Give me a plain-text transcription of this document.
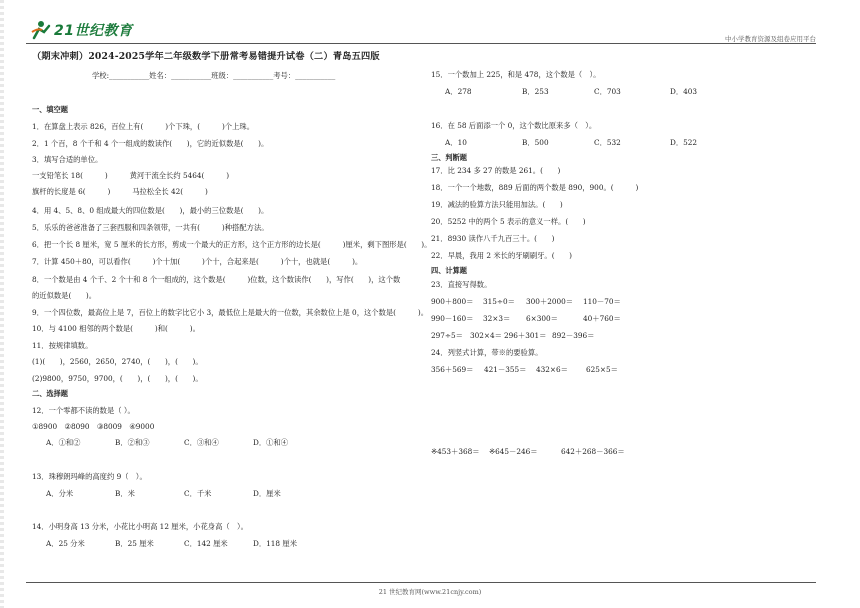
21世纪教育	中小学教育资源及组卷应用平台
（期末冲刺）2024-2025学年二年级数学下册常考易错提升试卷（二）青岛五四版
学校:___________姓名：___________班级：___________考号：___________
一、填空题
1．在算盘上表示 826，百位上有(　　　)个下珠，(　　　)个上珠。
2．1 个百，8 个千和 4 个一组成的数读作(　　)，它的近似数是(　　)。
3．填写合适的单位。
一支铅笔长 18(　　　)　　　黄河干流全长约 5464(　　　)
旗杆的长度是 6(　　　)　　　马拉松全长 42(　　　)
4．用 4、5、8、0 组成最大的四位数是(　　)，最小的三位数是(　　)。
5．乐乐的爸爸准备了三套西服和四条领带，一共有(　　　)种搭配方法。
6．把一个长 8 厘米，宽 5 厘米的长方形，剪成一个最大的正方形，这个正方形的边长是(　　　)厘米，剩下图形是(　　)。
7．计算 450＋80，可以看作(　　　)个十加(　　　)个十，合起来是(　　　)个十，也就是(　　　)。
8．一个数是由 4 个千、2 个十和 8 个一组成的，这个数是(　　　)位数，这个数读作(　　)，写作(　　)，这个数
的近似数是(　　)。
9．一个四位数，最高位上是 7，百位上的数字比它小 3，最低位上是最大的一位数，其余数位上是 0，这个数是(　　　)。
10．与 4100 相邻的两个数是(　　　)和(　　　)。
11．按规律填数。
(1)(　　)，2560，2650，2740，(　　)，(　　)。
(2)9800，9750，9700，(　　)，(　　)，(　　)。
二、选择题
12．一个零都不读的数是（ ）。
①8900　②8090　③8009　④9000
A．①和②	B．②和③	C．③和④	D．①和④
13．珠穆朗玛峰的高度约 9（　）。
A．分米	B．米	C．千米	D．厘米
14．小明身高 13 分米，小花比小明高 12 厘米，小花身高（　）。
A．25 分米	B．25 厘米	C．142 厘米	D．118 厘米
15．一个数加上 225，和是 478，这个数是（　）。
A．278	B．253	C．703	D．403
16．在 58 后面添一个 0，这个数比原来多（　）。
A．10	B．500	C．532	D．522
三、判断题
17．比 234 多 27 的数是 261。(　　)
18．一个一个地数，889 后面的两个数是 890，900。(　　　)
19．减法的验算方法只能用加法。(　　)
20．5252 中的两个 5 表示的意义一样。(　　)
21．8930 读作八千九百三十。(　　)
22．早晨，我用 2 米长的牙刷刷牙。(　　)
四、计算题
23．直接写得数。
900＋800＝	315÷0＝	300＋2000＝	110－70＝
990－160＝	32×3＝	6×300＝	40＋760＝
297÷5＝ 302×4＝ 296＋301＝ 892－396＝
24．列竖式计算，带※的要验算。
356＋569＝	421－355＝	432×6＝	625×5＝
※453＋368＝	※645－246＝	642＋268－366＝
21 世纪教育网(www.21cnjy.com)
